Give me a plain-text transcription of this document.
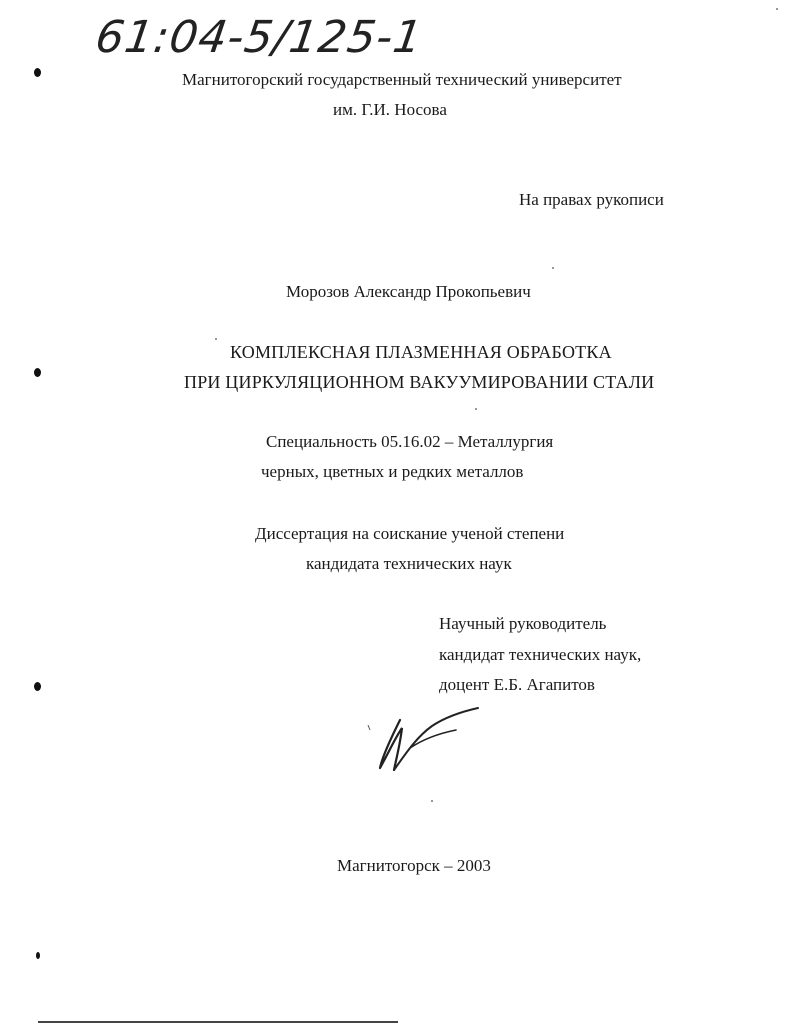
61:04-5/125-1
Магнитогорский государственный технический университет
им. Г.И. Носова
На правах рукописи
Морозов Александр Прокопьевич
КОМПЛЕКСНАЯ ПЛАЗМЕННАЯ ОБРАБОТКА
ПРИ ЦИРКУЛЯЦИОННОМ ВАКУУМИРОВАНИИ СТАЛИ
Специальность 05.16.02 – Металлургия
черных, цветных и редких металлов
Диссертация на соискание ученой степени
кандидата технических наук
Научный руководитель
кандидат технических наук,
доцент Е.Б. Агапитов
Магнитогорск – 2003
